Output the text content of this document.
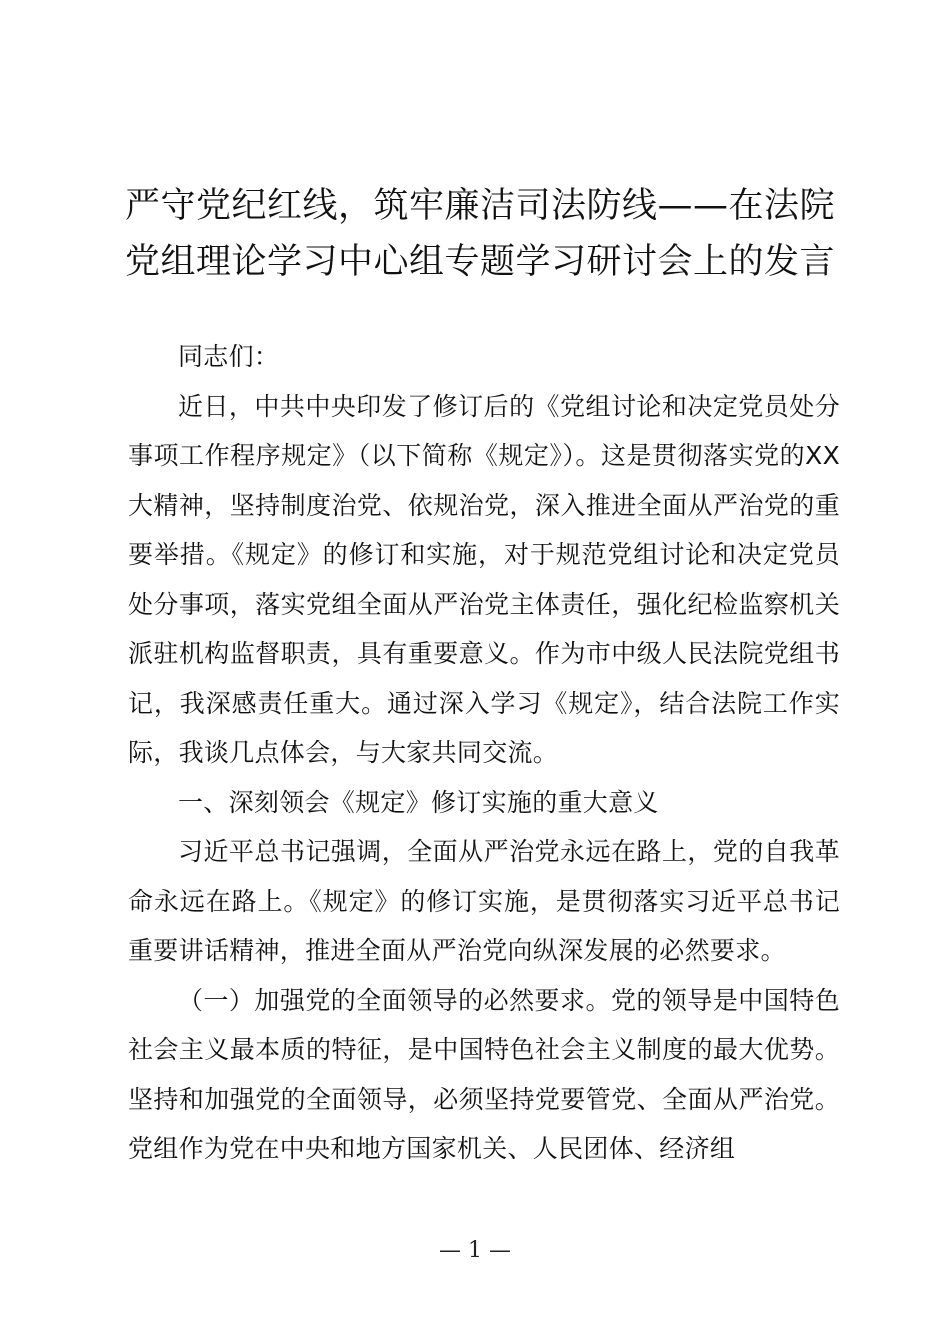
严守党纪红线，筑牢廉洁司法防线——在法院党组理论学习中心组专题学习研讨会上的发言

同志们：

近日，中共中央印发了修订后的《党组讨论和决定党员处分事项工作程序规定》（以下简称《规定》）。这是贯彻落实党的XX大精神，坚持制度治党、依规治党，深入推进全面从严治党的重要举措。《规定》的修订和实施，对于规范党组讨论和决定党员处分事项，落实党组全面从严治党主体责任，强化纪检监察机关派驻机构监督职责，具有重要意义。作为市中级人民法院党组书记，我深感责任重大。通过深入学习《规定》，结合法院工作实际，我谈几点体会，与大家共同交流。

一、深刻领会《规定》修订实施的重大意义

习近平总书记强调，全面从严治党永远在路上，党的自我革命永远在路上。《规定》的修订实施，是贯彻落实习近平总书记重要讲话精神，推进全面从严治党向纵深发展的必然要求。

（一）加强党的全面领导的必然要求。党的领导是中国特色社会主义最本质的特征，是中国特色社会主义制度的最大优势。坚持和加强党的全面领导，必须坚持党要管党、全面从严治党。党组作为党在中央和地方国家机关、人民团体、经济组

— 1 —
